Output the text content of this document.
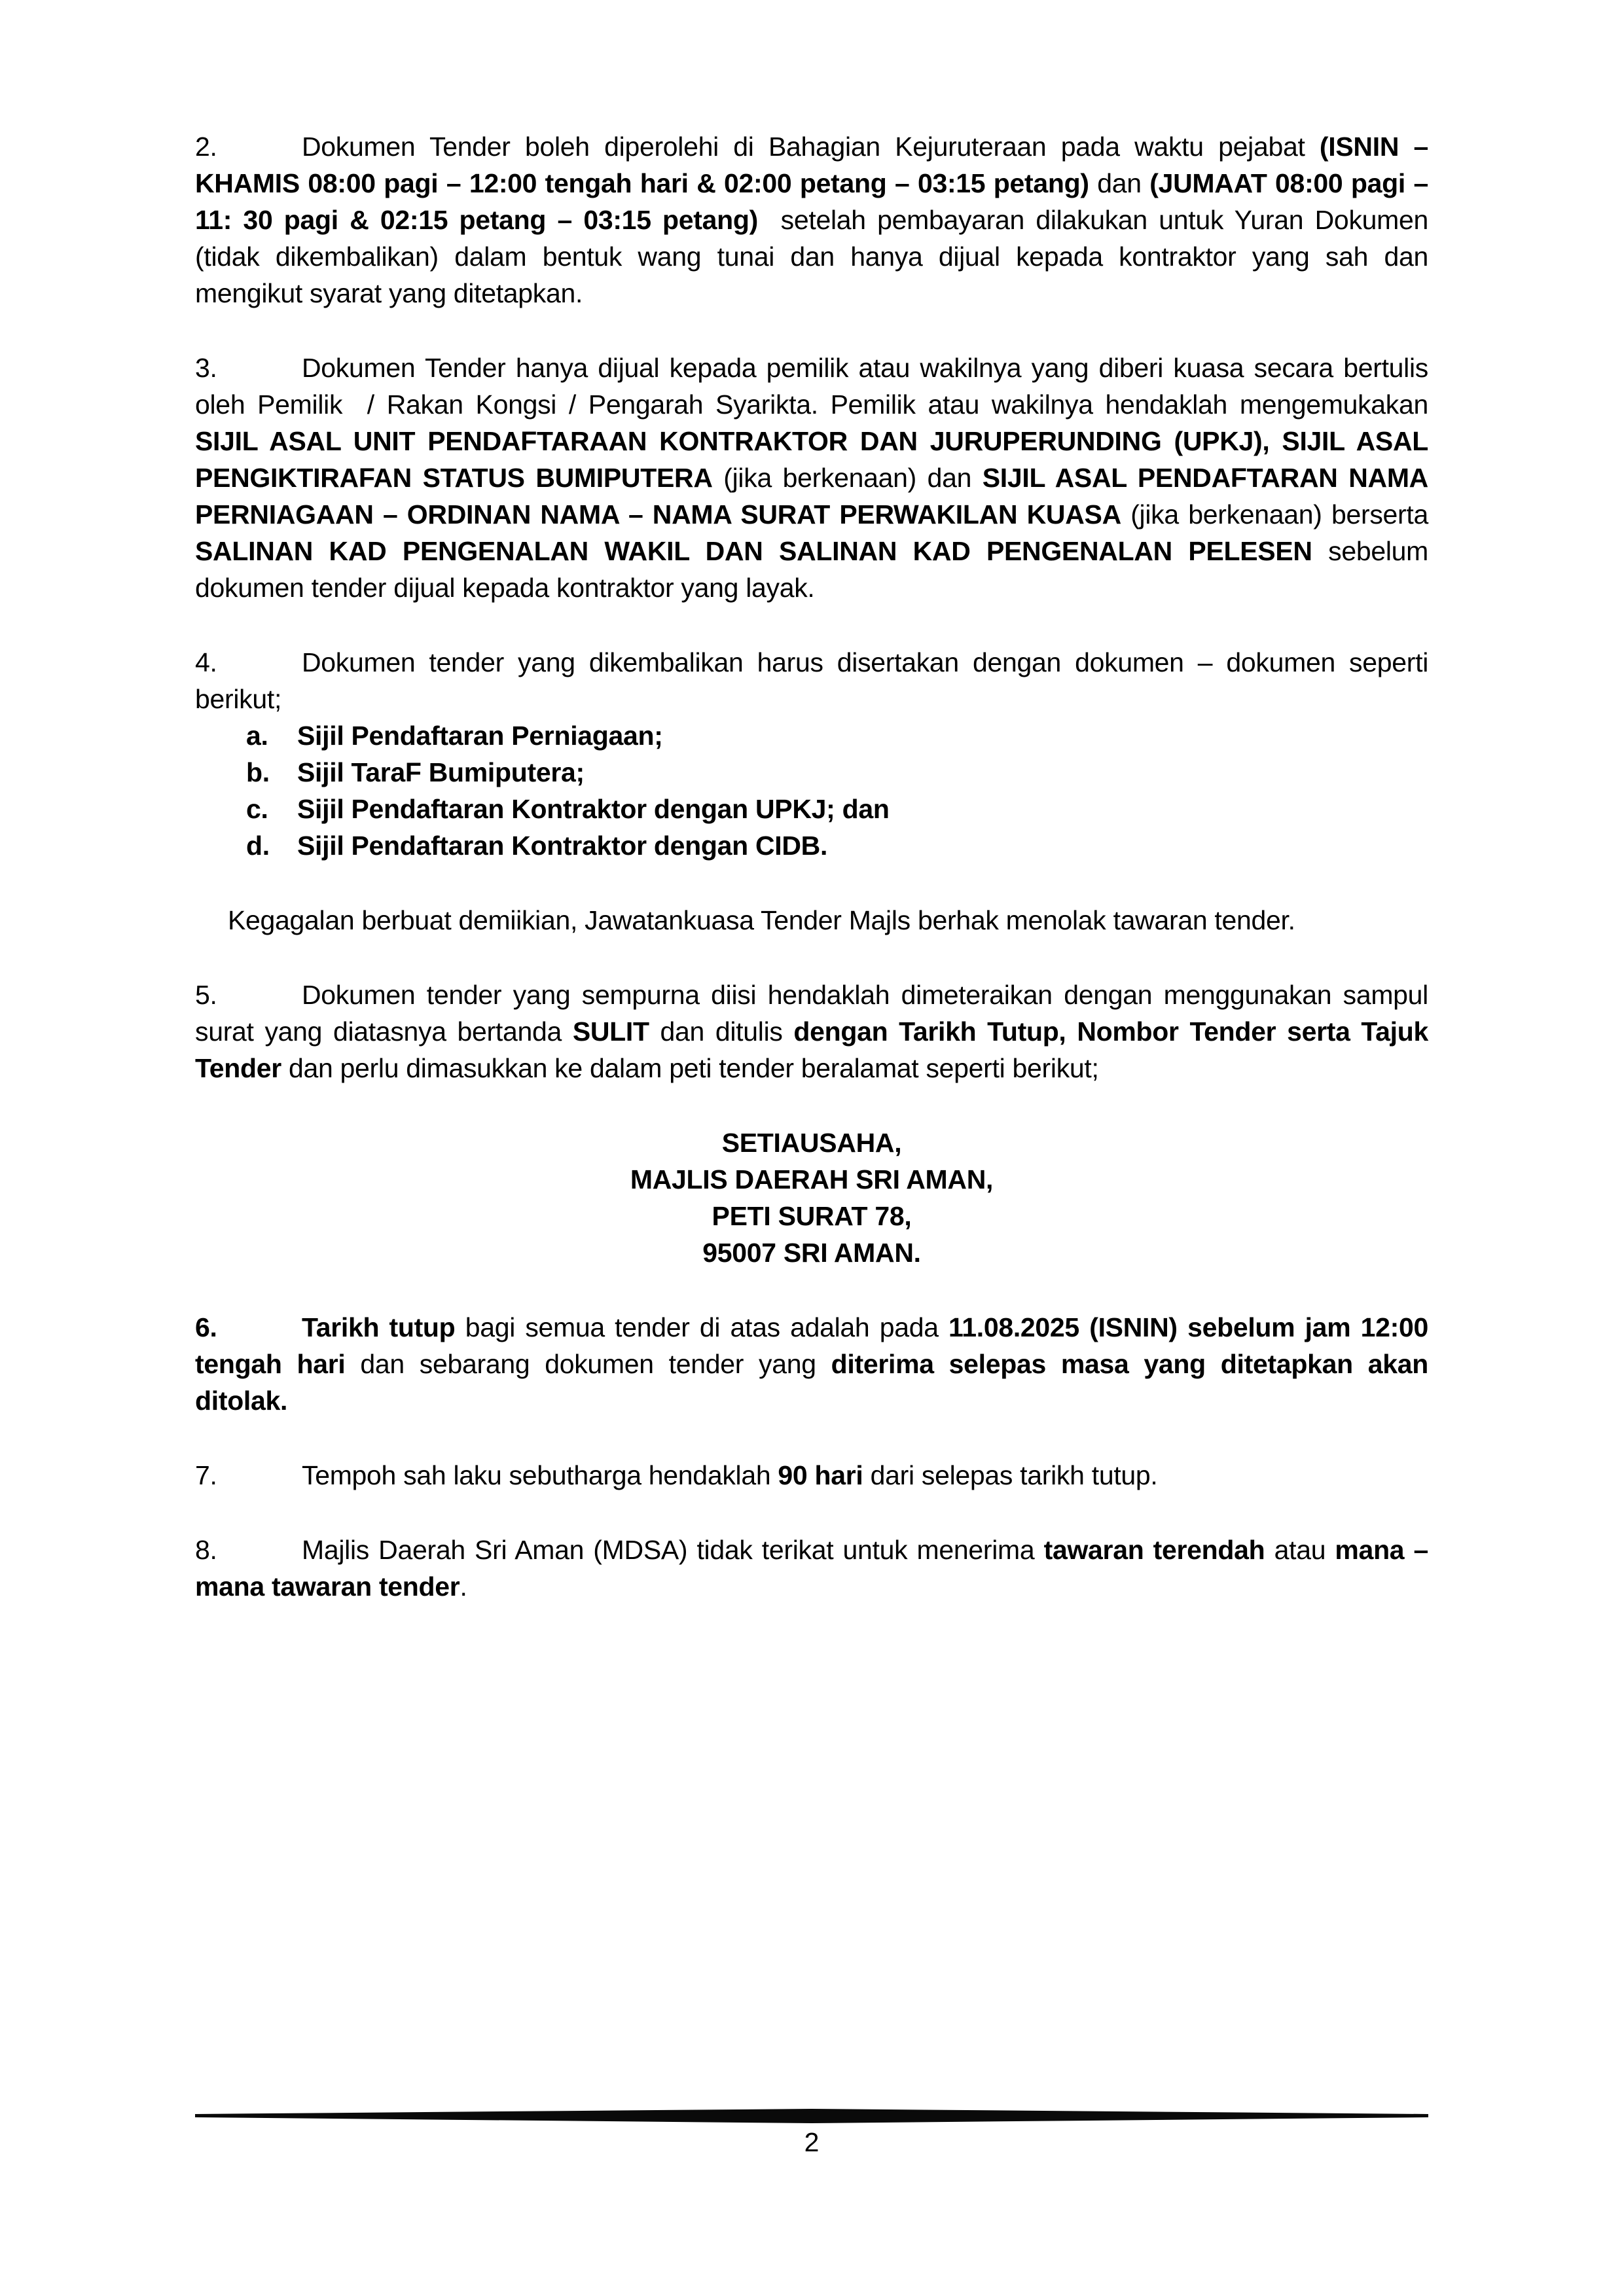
2.	Dokumen Tender boleh diperolehi di Bahagian Kejuruteraan pada waktu pejabat (ISNIN – KHAMIS 08:00 pagi – 12:00 tengah hari & 02:00 petang – 03:15 petang) dan (JUMAAT 08:00 pagi – 11: 30 pagi & 02:15 petang – 03:15 petang)  setelah pembayaran dilakukan untuk Yuran Dokumen (tidak dikembalikan) dalam bentuk wang tunai dan hanya dijual kepada kontraktor yang sah dan mengikut syarat yang ditetapkan.

3.	Dokumen Tender hanya dijual kepada pemilik atau wakilnya yang diberi kuasa secara bertulis oleh Pemilik  / Rakan Kongsi / Pengarah Syarikta. Pemilik atau wakilnya hendaklah mengemukakan SIJIL ASAL UNIT PENDAFTARAAN KONTRAKTOR DAN JURUPERUNDING (UPKJ), SIJIL ASAL PENGIKTIRAFAN STATUS BUMIPUTERA (jika berkenaan) dan SIJIL ASAL PENDAFTARAN NAMA PERNIAGAAN – ORDINAN NAMA – NAMA SURAT PERWAKILAN KUASA (jika berkenaan) berserta SALINAN KAD PENGENALAN WAKIL DAN SALINAN KAD PENGENALAN PELESEN sebelum dokumen tender dijual kepada kontraktor yang layak.

4.	Dokumen tender yang dikembalikan harus disertakan dengan dokumen – dokumen seperti berikut;

a.	Sijil Pendaftaran Perniagaan;
b.	Sijil TaraF Bumiputera;
c.	Sijil Pendaftaran Kontraktor dengan UPKJ; dan
d.	Sijil Pendaftaran Kontraktor dengan CIDB.

Kegagalan berbuat demiikian, Jawatankuasa Tender Majls berhak menolak tawaran tender.

5.	Dokumen tender yang sempurna diisi hendaklah dimeteraikan dengan menggunakan sampul surat yang diatasnya bertanda SULIT dan ditulis dengan Tarikh Tutup, Nombor Tender serta Tajuk Tender dan perlu dimasukkan ke dalam peti tender beralamat seperti berikut;

SETIAUSAHA,
MAJLIS DAERAH SRI AMAN,
PETI SURAT 78,
95007 SRI AMAN.

6.	Tarikh tutup bagi semua tender di atas adalah pada 11.08.2025 (ISNIN) sebelum jam 12:00 tengah hari dan sebarang dokumen tender yang diterima selepas masa yang ditetapkan akan ditolak.

7.	Tempoh sah laku sebutharga hendaklah 90 hari dari selepas tarikh tutup.

8.	Majlis Daerah Sri Aman (MDSA) tidak terikat untuk menerima tawaran terendah atau mana – mana tawaran tender.

2
